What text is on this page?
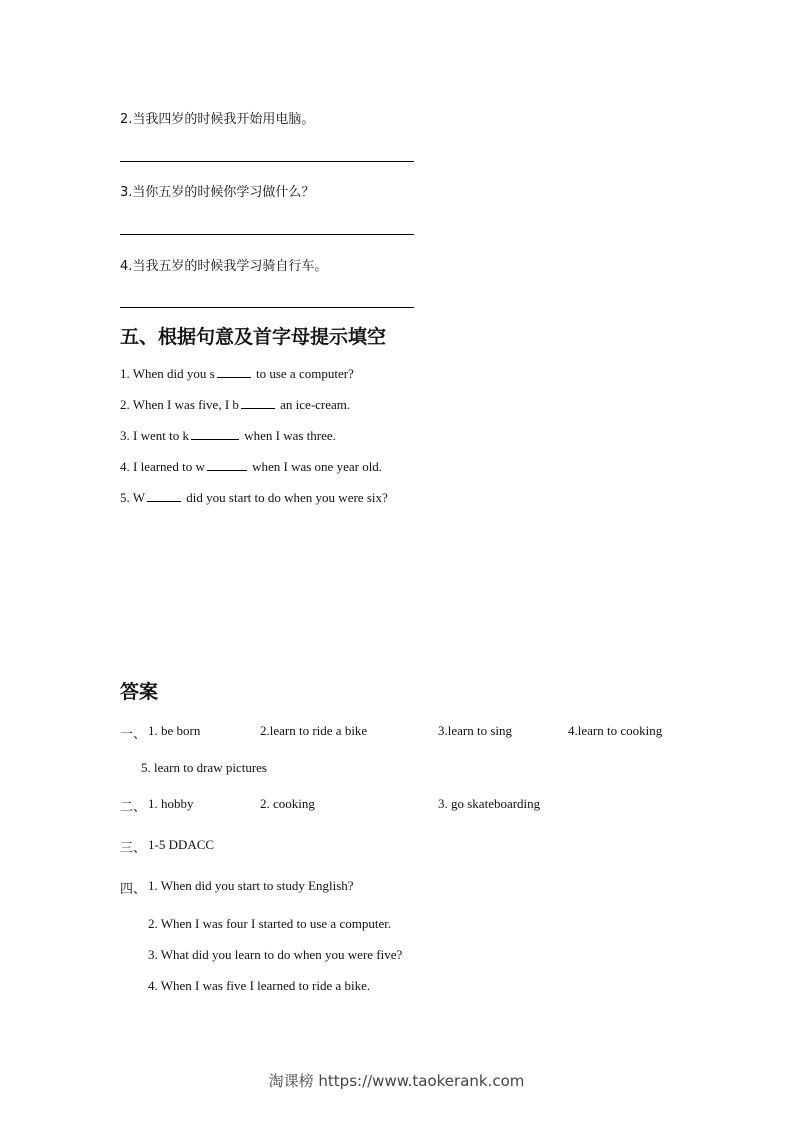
2.当我四岁的时候我开始用电脑。
3.当你五岁的时候你学习做什么？
4.当我五岁的时候我学习骑自行车。
五、根据句意及首字母提示填空
1. When did you s	to use a computer?
2. When I was five, I b	an ice-cream.
3. I went to k	when I was three.
4. I learned to w	when I was one year old.
5. W	did you start to do when you were six?
答案
一、 1. be born	2.learn to ride a bike	3.learn to sing	4.learn to cooking
5. learn to draw pictures
二、 1. hobby	2. cooking	3. go skateboarding
三、 1-5 DDACC
四、 1. When did you start to study English?
2. When I was four I started to use a computer.
3. What did you learn to do when you were five?
4. When I was five I learned to ride a bike.
淘课榜 https://www.taokerank.com
